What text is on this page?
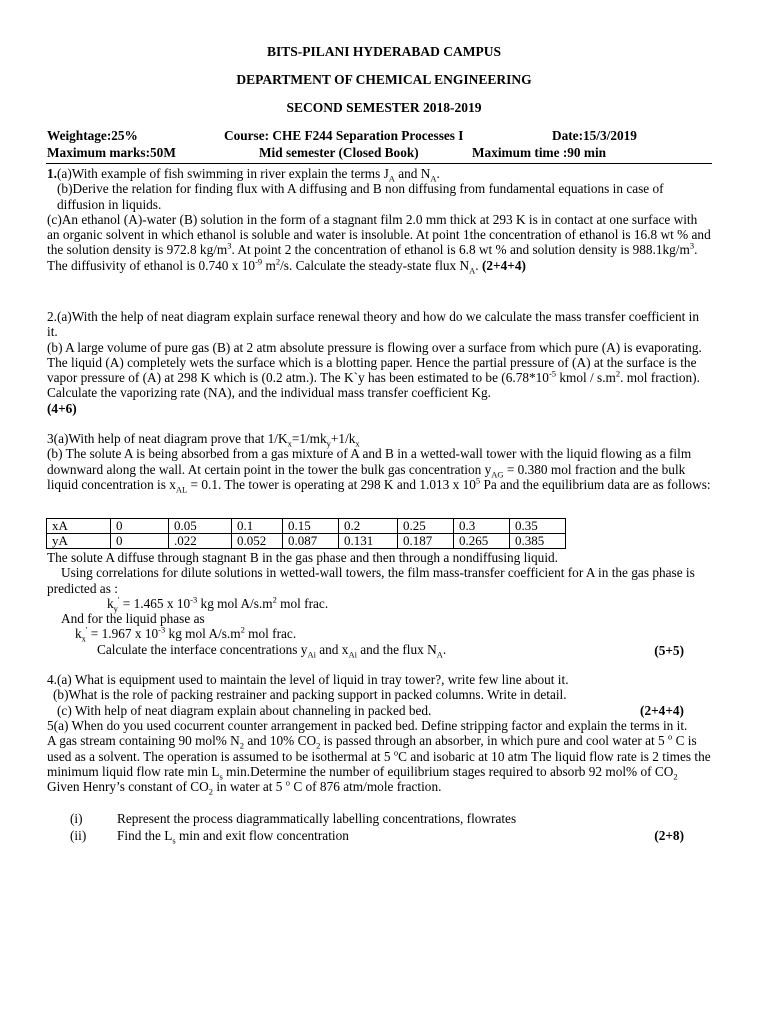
BITS-PILANI HYDERABAD CAMPUS
DEPARTMENT OF CHEMICAL ENGINEERING
SECOND SEMESTER 2018-2019
Weightage:25%	Course: CHE F244 Separation Processes I	Date:15/3/2019
Maximum marks:50M	Mid semester (Closed Book)	Maximum time :90 min

1.(a)With example of fish swimming in river explain the terms $J_A$ and $N_A$.

(b)Derive the relation for finding flux with A diffusing and B non diffusing from fundamental equations in case of diffusion in liquids.

(c)An ethanol (A)-water (B) solution in the form of a stagnant film 2.0 mm thick at 293 K is in contact at one surface with an organic solvent in which ethanol is soluble and water is insoluble. At point 1the concentration of ethanol is 16.8 wt % and the solution density is 972.8 $kg/m^3$. At point 2 the concentration of ethanol is 6.8 wt % and solution density is $988.1kg/m^3$. The diffusivity of ethanol is 0.740 x $10^{-9}$ $m^2/s$. Calculate the steady-state flux $N_A$. (2+4+4)

2.(a)With the help of neat diagram explain surface renewal theory and how do we calculate the mass transfer coefficient in it.

(b) A large volume of pure gas (B) at 2 atm absolute pressure is flowing over a surface from which pure (A) is evaporating. The liquid (A) completely wets the surface which is a blotting paper. Hence the partial pressure of (A) at the surface is the vapor pressure of (A) at 298 K which is (0.2 atm.). The K`y has been estimated to be ($6.78*10^{-5}$ kmol / $s.m^2$. mol fraction). Calculate the vaporizing rate (NA), and the individual mass transfer coefficient Kg.

(4+6)

3(a)With help of neat diagram prove that $1/K_x=1/mk_y+1/k_x$

(b) The solute A is being absorbed from a gas mixture of A and B in a wetted-wall tower with the liquid flowing as a film downward along the wall. At certain point in the tower the bulk gas concentration $y_{AG} = 0.380$ mol fraction and the bulk liquid concentration is $x_{AL} = 0.1$. The tower is operating at 298 K and 1.013 x $10^5$ Pa and the equilibrium data are as follows:

xA	0	0.05	0.1	0.15	0.2	0.25	0.3	0.35
yA	0	.022	0.052	0.087	0.131	0.187	0.265	0.385

The solute A diffuse through stagnant B in the gas phase and then through a nondiffusing liquid.

Using correlations for dilute solutions in wetted-wall towers, the film mass-transfer coefficient for A in the gas phase is predicted as :

$k_y' = 1.465$ x $10^{-3}$ kg mol $A/s.m^2$ mol frac.

And for the liquid phase as

$k_x' = 1.967$ x $10^{-3}$ kg mol $A/s.m^2$ mol frac.

Calculate the interface concentrations $y_{Ai}$ and $x_{Ai}$ and the flux $N_A$.	(5+5)

4.(a) What is equipment used to maintain the level of liquid in tray tower?, write few line about it.

(b)What is the role of packing restrainer and packing support in packed columns. Write in detail.

(c) With help of neat diagram explain about channeling in packed bed.	(2+4+4)

5(a) When do you used cocurrent counter arrangement in packed bed. Define stripping factor and explain the terms in it.

A gas stream containing 90 mol% $N_2$ and 10% $CO_2$ is passed through an absorber, in which pure and cool water at 5 $^o$ C is used as a solvent. The operation is assumed to be isothermal at 5 $^o$C and isobaric at 10 atm The liquid flow rate is 2 times the minimum liquid flow rate $\min L_s$ min.Determine the number of equilibrium stages required to absorb 92 mol% of $CO_2$ Given Henry’s constant of $CO_2$ in water at 5 $^o$ C of 876 atm/mole fraction.

(i)	Represent the process diagrammatically labelling concentrations, flowrates
(ii) Find the $L_s$ min and exit flow concentration	(2+8)
